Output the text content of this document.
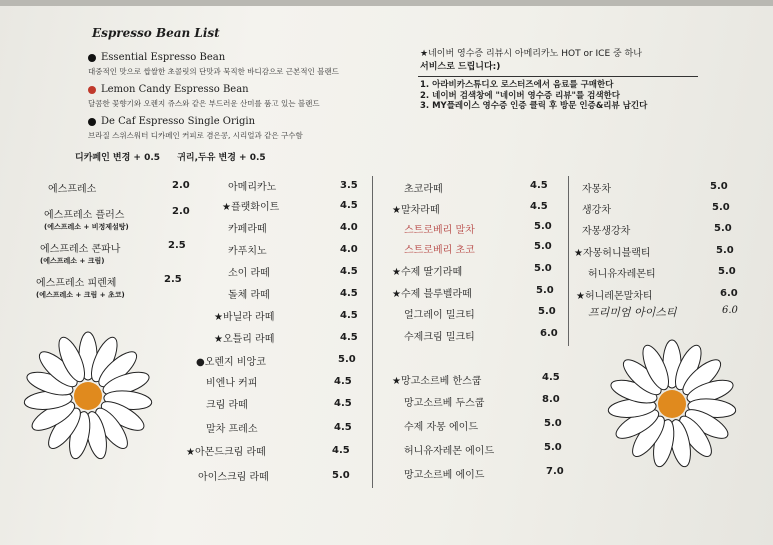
Espresso Bean List
Essential Espresso Bean
대중적인 맛으로 쌉쌀한 초콜릿의 단맛과 묵직한 바디감으로 근본적인 블랜드
Lemon Candy Espresso Bean
달콤한 꽃향기와 오렌지 쥬스와 같은 부드러운 산미를 품고 있는 블랜드
De Caf Espresso Single Origin
브라질 스위스워터 디카페인 커피로 겸은콩, 시리얼과 같은 구수함
디카페인 변경 + 0.5 귀리,두유 변경 + 0.5
★네이버 영수증 리뷰시 아메리카노 HOT or ICE 중 하나
서비스로 드립니다:)
1. 아라비카스튜디오 로스터즈에서 음료를 구매한다
2. 네이버 검색창에 "네이버 영수증 리뷰"를 검색한다
3. MY플레이스 영수증 인증 클릭 후 방문 인증&리뷰 남긴다
에스프레소	2.0
에스프레소 플러스
(에스프레소 + 비정제설탕)
2.0
에스프레소 콘파나
(에스프레소 + 크림)
2.5
에스프레소 피렌체
(에스프레소 + 크림 + 초코)
2.5
아메리카노	3.5
★플랫화이트	4.5
카페라떼	4.0
카푸치노	4.0
소이 라떼	4.5
돌체 라떼	4.5
★바닐라 라떼	4.5
★오틀리 라떼	4.5
●오렌지 비앙코	5.0
비엔나 커피	4.5
크림 라떼	4.5
말차 프레소	4.5
★아몬드크림 라떼	4.5
아이스크림 라떼	5.0
초코라떼	4.5
★말차라떼	4.5
스트로베리 말차	5.0
스트로베리 초코	5.0
★수제 딸기라떼	5.0
★수제 블루벨라떼	5.0
얼그레이 밀크티	5.0
수제크림 밀크티	6.0
★망고소르베 한스쿱	4.5
망고소르베 두스쿱	8.0
수제 자몽 에이드	5.0
허니유자레몬 에이드	5.0
망고소르베 에이드	7.0
자몽차	5.0
생강차	5.0
자몽생강차	5.0
★자몽허니블랙티	5.0
허니유자레몬티	5.0
★허니레몬말차티	6.0
프리미엄 아이스티	6.0
